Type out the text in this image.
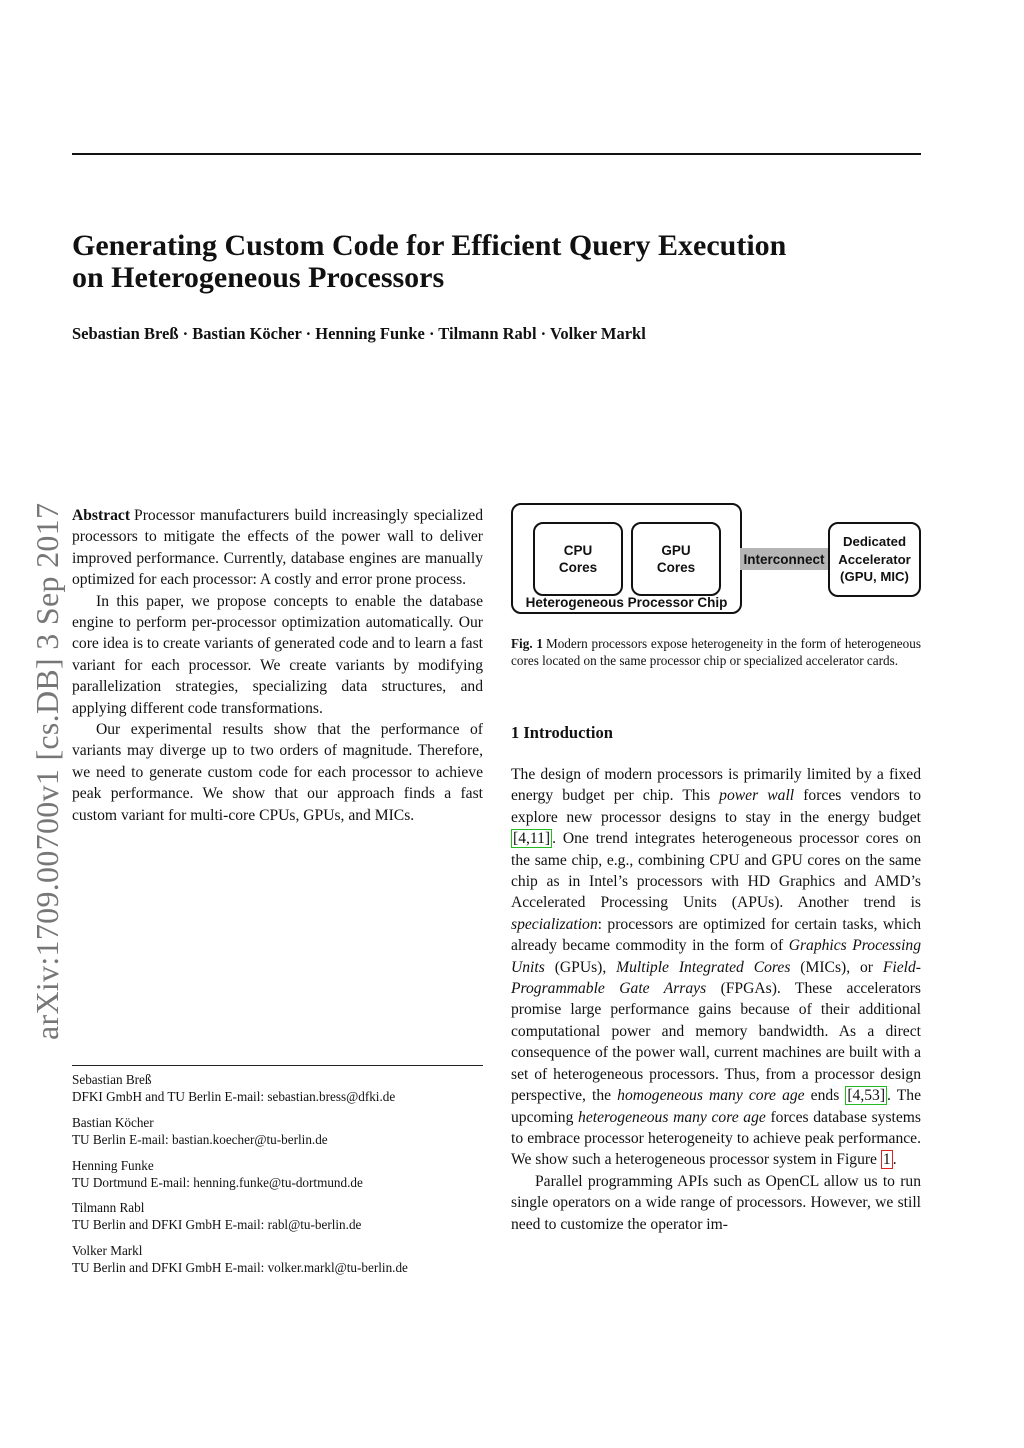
arXiv:1709.00700v1 [cs.DB] 3 Sep 2017
Generating Custom Code for Efficient Query Execution
on Heterogeneous Processors
Sebastian Breß · Bastian Köcher · Henning Funke · Tilmann Rabl · Volker Markl

Abstract Processor manufacturers build increasingly specialized processors to mitigate the effects of the power wall to deliver improved performance. Currently, database engines are manually optimized for each processor: A costly and error prone process.

In this paper, we propose concepts to enable the database engine to perform per-processor optimization automatically. Our core idea is to create variants of generated code and to learn a fast variant for each processor. We create variants by modifying parallelization strategies, specializing data structures, and applying different code transformations.

Our experimental results show that the performance of variants may diverge up to two orders of magnitude. Therefore, we need to generate custom code for each processor to achieve peak performance. We show that our approach finds a fast custom variant for multi-core CPUs, GPUs, and MICs.

Sebastian Breß
DFKI GmbH and TU Berlin E-mail: sebastian.bress@dfki.de
Bastian Köcher
TU Berlin E-mail: bastian.koecher@tu-berlin.de
Henning Funke
TU Dortmund E-mail: henning.funke@tu-dortmund.de
Tilmann Rabl
TU Berlin and DFKI GmbH E-mail: rabl@tu-berlin.de
Volker Markl
TU Berlin and DFKI GmbH E-mail: volker.markl@tu-berlin.de
CPU
Cores
GPU
Cores
Heterogeneous Processor Chip
Interconnect
Dedicated
Accelerator
(GPU, MIC)
Fig. 1 Modern processors expose heterogeneity in the form of heterogeneous cores located on the same processor chip or specialized accelerator cards.
1 Introduction

The design of modern processors is primarily limited by a fixed energy budget per chip. This power wall forces vendors to explore new processor designs to stay in the energy budget [4,11] . One trend integrates heterogeneous processor cores on the same chip, e.g., combining CPU and GPU cores on the same chip as in Intel’s processors with HD Graphics and AMD’s Accelerated Processing Units (APUs). Another trend is specialization: processors are optimized for certain tasks, which already became commodity in the form of Graphics Processing Units (GPUs), Multiple Integrated Cores (MICs), or Field-Programmable Gate Arrays (FPGAs). These accelerators promise large performance gains because of their additional computational power and memory bandwidth. As a direct consequence of the power wall, current machines are built with a set of heterogeneous processors. Thus, from a processor design perspective, the homogeneous many core age ends [4,53] . The upcoming heterogeneous many core age forces database systems to embrace processor heterogeneity to achieve peak performance. We show such a heterogeneous processor system in Figure 1 .

Parallel programming APIs such as OpenCL allow us to run single operators on a wide range of processors. However, we still need to customize the operator im-
